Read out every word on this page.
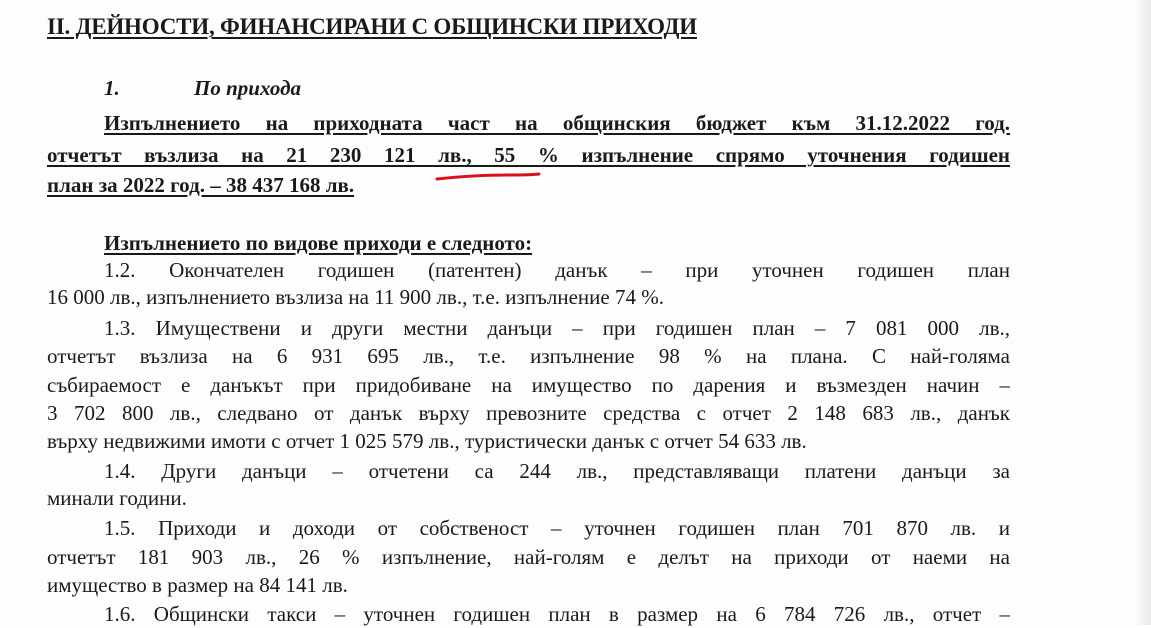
II. ДЕЙНОСТИ, ФИНАНСИРАНИ С ОБЩИНСКИ ПРИХОДИ
1.	По прихода
Изпълнението на приходната част на общинския бюджет към 31.12.2022 год.
отчетът възлиза на 21 230 121 лв., 55 % изпълнение спрямо уточнения годишен
план за 2022 год. – 38 437 168 лв.
Изпълнението по видове приходи е следното:
1.2. Окончателен годишен (патентен) данък – при уточнен годишен план
16 000 лв., изпълнението възлиза на 11 900 лв., т.е. изпълнение 74 %.
1.3. Имуществени и други местни данъци – при годишен план – 7 081 000 лв.,
отчетът възлиза на 6 931 695 лв., т.е. изпълнение 98 % на плана. С най-голяма
събираемост е данъкът при придобиване на имущество по дарения и възмезден начин –
3 702 800 лв., следвано от данък върху превозните средства с отчет 2 148 683 лв., данък
върху недвижими имоти с отчет 1 025 579 лв., туристически данък с отчет 54 633 лв.
1.4. Други данъци – отчетени са 244 лв., представляващи платени данъци за
минали години.
1.5. Приходи и доходи от собственост – уточнен годишен план 701 870 лв. и
отчетът 181 903 лв., 26 % изпълнение, най-голям е делът на приходи от наеми на
имущество в размер на 84 141 лв.
1.6. Общински такси – уточнен годишен план в размер на 6 784 726 лв., отчет –
